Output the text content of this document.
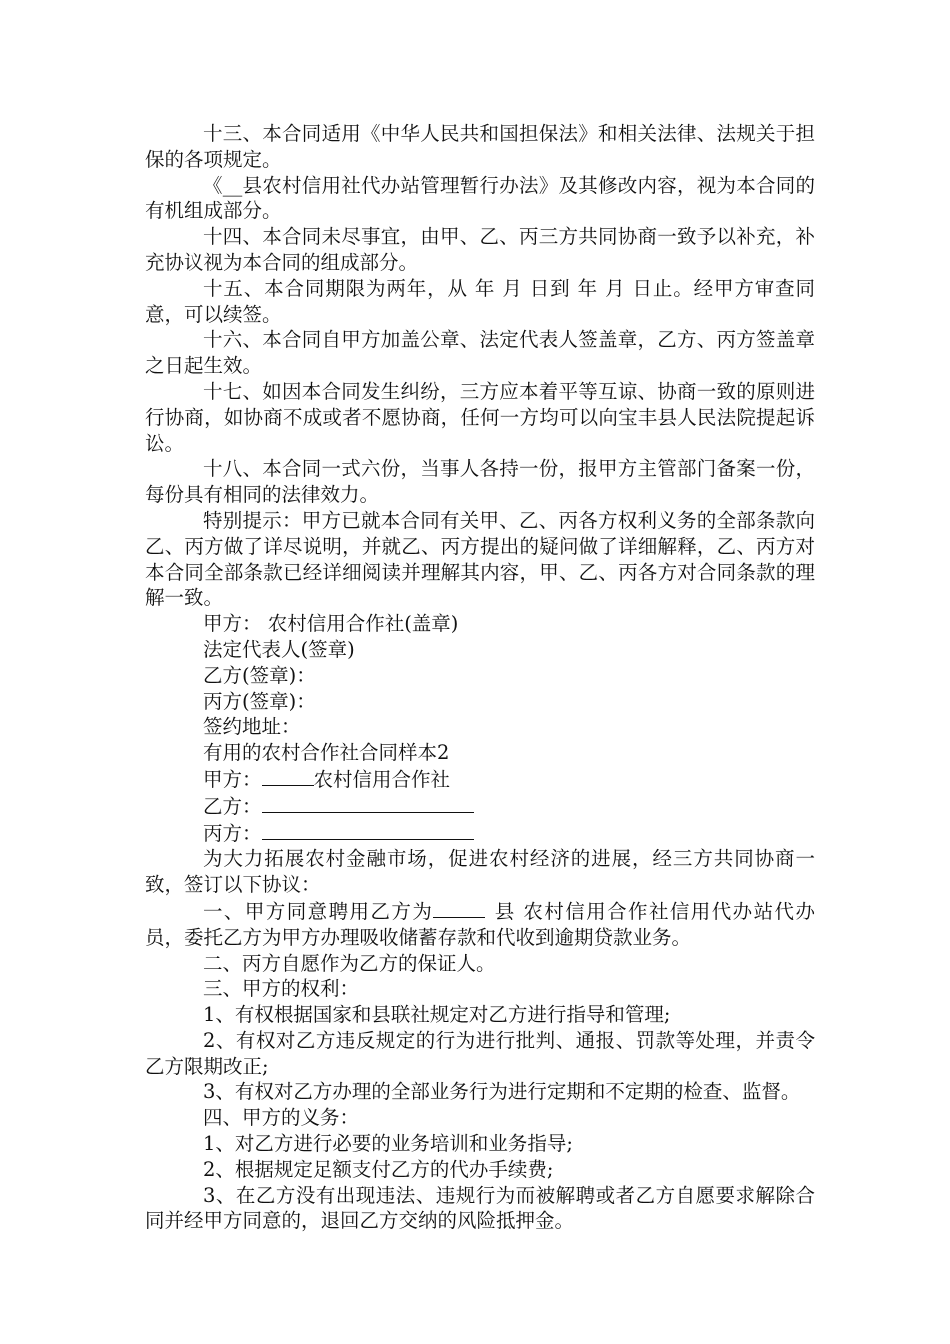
十三、本合同适用《中华人民共和国担保法》和相关法律、法规关于担保的各项规定。

《__县农村信用社代办站管理暂行办法》及其修改内容，视为本合同的有机组成部分。

十四、本合同未尽事宜，由甲、乙、丙三方共同协商一致予以补充，补充协议视为本合同的组成部分。

十五、本合同期限为两年，从 年 月 日到 年 月 日止。经甲方审查同意，可以续签。

十六、本合同自甲方加盖公章、法定代表人签盖章，乙方、丙方签盖章之日起生效。

十七、如因本合同发生纠纷，三方应本着平等互谅、协商一致的原则进行协商，如协商不成或者不愿协商，任何一方均可以向宝丰县人民法院提起诉讼。

十八、本合同一式六份，当事人各持一份，报甲方主管部门备案一份，每份具有相同的法律效力。

特别提示：甲方已就本合同有关甲、乙、丙各方权利义务的全部条款向乙、丙方做了详尽说明，并就乙、丙方提出的疑问做了详细解释，乙、丙方对本合同全部条款已经详细阅读并理解其内容，甲、乙、丙各方对合同条款的理解一致。

甲方： 农村信用合作社(盖章)

法定代表人(签章)

乙方(签章)：

丙方(签章)：

签约地址：

有用的农村合作社合同样本2

甲方：	农村信用合作社

乙方：

丙方：

为大力拓展农村金融市场，促进农村经济的进展，经三方共同协商一致，签订以下协议：

一、甲方同意聘用乙方为	县 农村信用合作社信用代办站代办员，委托乙方为甲方办理吸收储蓄存款和代收到逾期贷款业务。

二、丙方自愿作为乙方的保证人。

三、甲方的权利：

1、有权根据国家和县联社规定对乙方进行指导和管理;

2、有权对乙方违反规定的行为进行批判、通报、罚款等处理，并责令乙方限期改正;

3、有权对乙方办理的全部业务行为进行定期和不定期的检查、监督。

四、甲方的义务：

1、对乙方进行必要的业务培训和业务指导;

2、根据规定足额支付乙方的代办手续费;

3、在乙方没有出现违法、违规行为而被解聘或者乙方自愿要求解除合同并经甲方同意的，退回乙方交纳的风险抵押金。
